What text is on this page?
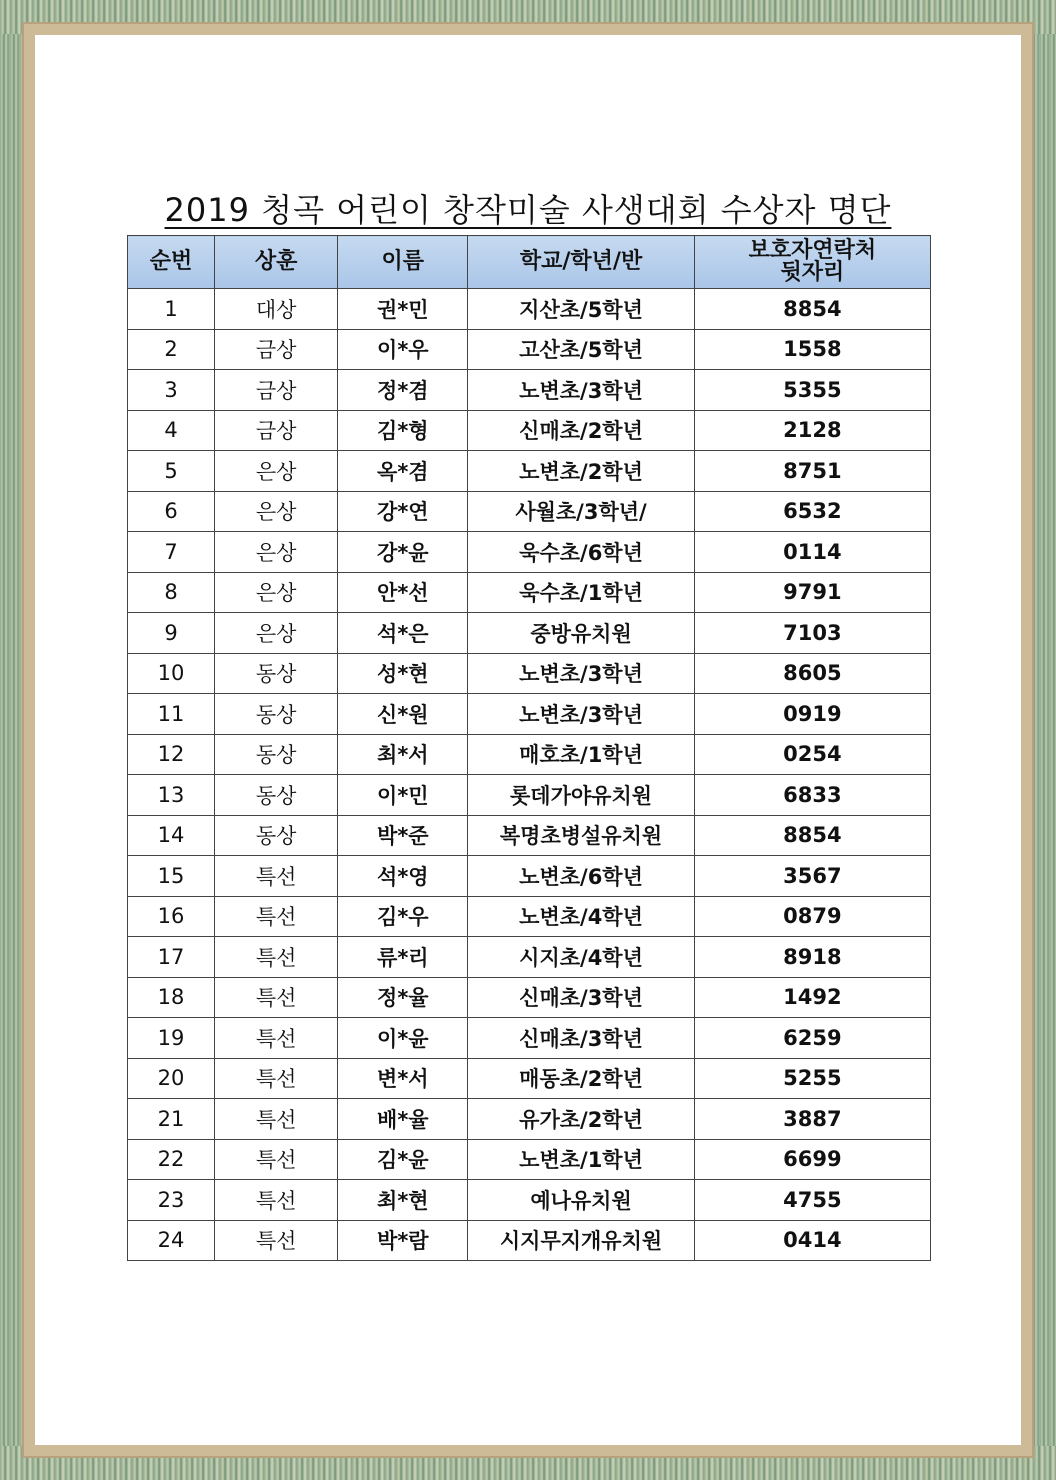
2019 청곡 어린이 창작미술 사생대회 수상자 명단
순번	상훈	이름	학교/학년/반	보호자연락처
뒷자리

1	대상	권*민	지산초/5학년	8854
2	금상	이*우	고산초/5학년	1558
3	금상	정*겸	노변초/3학년	5355
4	금상	김*형	신매초/2학년	2128
5	은상	옥*겸	노변초/2학년	8751
6	은상	강*연	사월초/3학년/	6532
7	은상	강*윤	욱수초/6학년	0114
8	은상	안*선	욱수초/1학년	9791
9	은상	석*은	중방유치원	7103
10	동상	성*현	노변초/3학년	8605
11	동상	신*원	노변초/3학년	0919
12	동상	최*서	매호초/1학년	0254
13	동상	이*민	롯데가야유치원	6833
14	동상	박*준	복명초병설유치원	8854
15	특선	석*영	노변초/6학년	3567
16	특선	김*우	노변초/4학년	0879
17	특선	류*리	시지초/4학년	8918
18	특선	정*율	신매초/3학년	1492
19	특선	이*윤	신매초/3학년	6259
20	특선	변*서	매동초/2학년	5255
21	특선	배*율	유가초/2학년	3887
22	특선	김*윤	노변초/1학년	6699
23	특선	최*현	예나유치원	4755
24	특선	박*람	시지무지개유치원	0414
